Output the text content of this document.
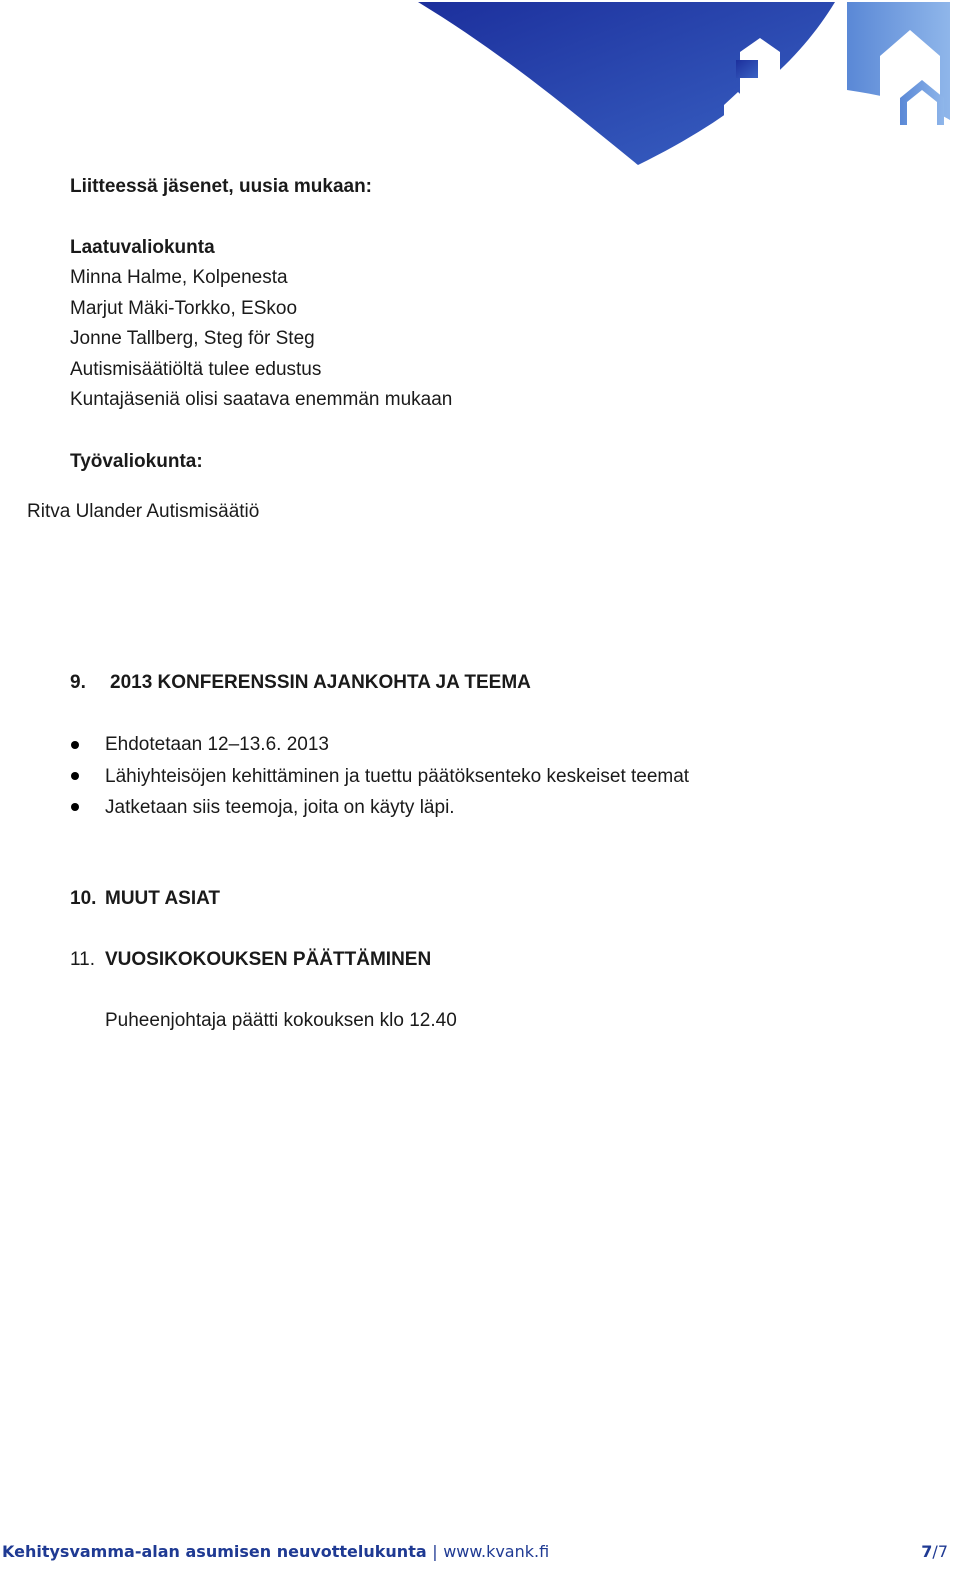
Liitteessä jäsenet, uusia mukaan:
Laatuvaliokunta
Minna Halme, Kolpenesta
Marjut Mäki-Torkko, ESkoo
Jonne Tallberg, Steg för Steg
Autismisäätiöltä tulee edustus
Kuntajäseniä olisi saatava enemmän mukaan
Työvaliokunta:
Ritva Ulander Autismisäätiö
9. 2013 KONFERENSSIN AJANKOHTA JA TEEMA
Ehdotetaan 12–13.6. 2013
Lähiyhteisöjen kehittäminen ja tuettu päätöksenteko keskeiset teemat
Jatketaan siis teemoja, joita on käyty läpi.
10. MUUT ASIAT
11. VUOSIKOKOUKSEN PÄÄTTÄMINEN
Puheenjohtaja päätti kokouksen klo 12.40
Kehitysvamma-alan asumisen neuvottelukunta | www.kvank.fi	7/7
